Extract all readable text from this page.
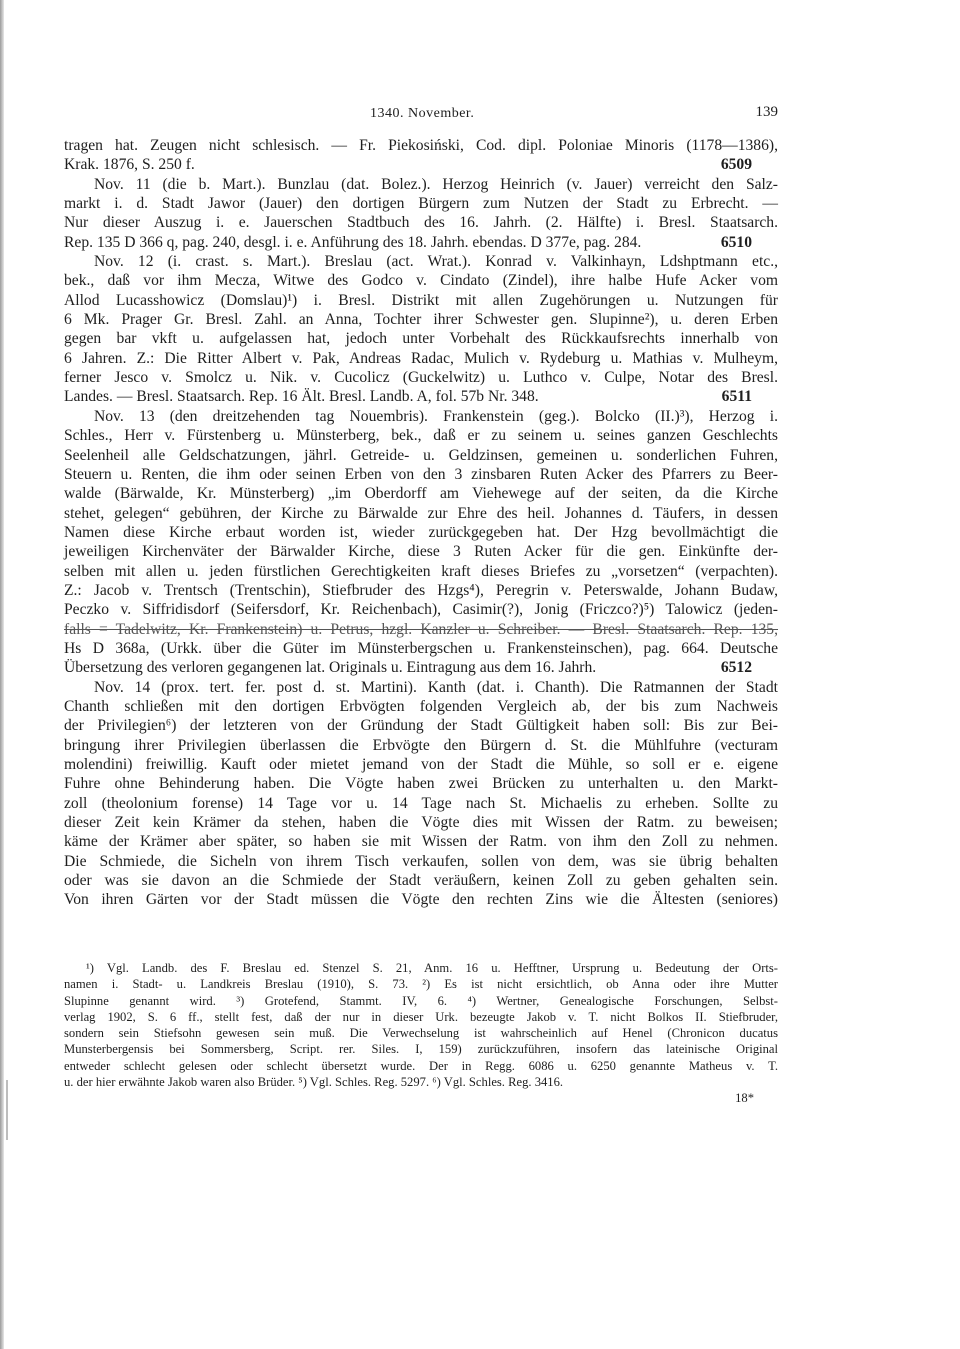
1340. November.	139
tragen hat. Zeugen nicht schlesisch. — Fr. Piekosiński, Cod. dipl. Poloniae Minoris (1178—1386),
6509
Krak. 1876, S. 250 f.
Nov. 11 (die b. Mart.). Bunzlau (dat. Bolez.). Herzog Heinrich (v. Jauer) verreicht den Salz-
markt i. d. Stadt Jawor (Jauer) den dortigen Bürgern zum Nutzen der Stadt zu Erbrecht. —
Nur dieser Auszug i. e. Jauerschen Stadtbuch des 16. Jahrh. (2. Hälfte) i. Bresl. Staatsarch.
6510
Rep. 135 D 366 q, pag. 240, desgl. i. e. Anführung des 18. Jahrh. ebendas. D 377e, pag. 284.
Nov. 12 (i. crast. s. Mart.). Breslau (act. Wrat.). Konrad v. Valkinhayn, Ldshptmann etc.,
bek., daß vor ihm Mecza, Witwe des Godco v. Cindato (Zindel), ihre halbe Hufe Acker vom
Allod Lucasshowicz (Domslau)¹) i. Bresl. Distrikt mit allen Zugehörungen u. Nutzungen für
6 Mk. Prager Gr. Bresl. Zahl. an Anna, Tochter ihrer Schwester gen. Slupinne²), u. deren Erben
gegen bar vkft u. aufgelassen hat, jedoch unter Vorbehalt des Rückkaufsrechts innerhalb von
6 Jahren. Z.: Die Ritter Albert v. Pak, Andreas Radac, Mulich v. Rydeburg u. Mathias v. Mulheym,
ferner Jesco v. Smolcz u. Nik. v. Cucolicz (Guckelwitz) u. Luthco v. Culpe, Notar des Bresl.
6511
Landes. — Bresl. Staatsarch. Rep. 16 Ält. Bresl. Landb. A, fol. 57b Nr. 348.
Nov. 13 (den dreitzehenden tag Nouembris). Frankenstein (geg.). Bolcko (II.)³), Herzog i.
Schles., Herr v. Fürstenberg u. Münsterberg, bek., daß er zu seinem u. seines ganzen Geschlechts
Seelenheil alle Geldschatzungen, jährl. Getreide- u. Geldzinsen, gemeinen u. sonderlichen Fuhren,
Steuern u. Renten, die ihm oder seinen Erben von den 3 zinsbaren Ruten Acker des Pfarrers zu Beer-
walde (Bärwalde, Kr. Münsterberg) „im Oberdorff am Viehewege auf der seiten, da die Kirche
stehet, gelegen“ gebühren, der Kirche zu Bärwalde zur Ehre des heil. Johannes d. Täufers, in dessen
Namen diese Kirche erbaut worden ist, wieder zurückgegeben hat. Der Hzg bevollmächtigt die
jeweiligen Kirchenväter der Bärwalder Kirche, diese 3 Ruten Acker für die gen. Einkünfte der-
selben mit allen u. jeden fürstlichen Gerechtigkeiten kraft dieses Briefes zu „vorsetzen“ (verpachten).
Z.: Jacob v. Trentsch (Trentschin), Stiefbruder des Hzgs⁴), Peregrin v. Peterswalde, Johann Budaw,
Peczko v. Siffridisdorf (Seifersdorf, Kr. Reichenbach), Casimir(?), Jonig (Friczco?)⁵) Talowicz (jeden-
falls = Tadelwitz, Kr. Frankenstein) u. Petrus, hzgl. Kanzler u. Schreiber. — Bresl. Staatsarch. Rep. 135,
Hs D 368a, (Urkk. über die Güter im Münsterbergschen u. Frankensteinschen), pag. 664. Deutsche
6512
Übersetzung des verloren gegangenen lat. Originals u. Eintragung aus dem 16. Jahrh.
Nov. 14 (prox. tert. fer. post d. st. Martini). Kanth (dat. i. Chanth). Die Ratmannen der Stadt
Chanth schließen mit den dortigen Erbvögten folgenden Vergleich ab, der bis zum Nachweis
der Privilegien⁶) der letzteren von der Gründung der Stadt Gültigkeit haben soll: Bis zur Bei-
bringung ihrer Privilegien überlassen die Erbvögte den Bürgern d. St. die Mühlfuhre (vecturam
molendini) freiwillig. Kauft oder mietet jemand von der Stadt die Mühle, so soll er e. eigene
Fuhre ohne Behinderung haben. Die Vögte haben zwei Brücken zu unterhalten u. den Markt-
zoll (theolonium forense) 14 Tage vor u. 14 Tage nach St. Michaelis zu erheben. Sollte zu
dieser Zeit kein Krämer da stehen, haben die Vögte dies mit Wissen der Ratm. zu beweisen;
käme der Krämer aber später, so haben sie mit Wissen der Ratm. von ihm den Zoll zu nehmen.
Die Schmiede, die Sicheln von ihrem Tisch verkaufen, sollen von dem, was sie übrig behalten
oder was sie davon an die Schmiede der Stadt veräußern, keinen Zoll zu geben gehalten sein.
Von ihren Gärten vor der Stadt müssen die Vögte den rechten Zins wie die Ältesten (seniores)
¹) Vgl. Landb. des F. Breslau ed. Stenzel S. 21, Anm. 16 u. Hefftner, Ursprung u. Bedeutung der Orts-
namen i. Stadt- u. Landkreis Breslau (1910), S. 73. ²) Es ist nicht ersichtlich, ob Anna oder ihre Mutter
Slupinne genannt wird. ³) Grotefend, Stammt. IV, 6. ⁴) Wertner, Genealogische Forschungen, Selbst-
verlag 1902, S. 6 ff., stellt fest, daß der nur in dieser Urk. bezeugte Jakob v. T. nicht Bolkos II. Stiefbruder,
sondern sein Stiefsohn gewesen sein muß. Die Verwechselung ist wahrscheinlich auf Henel (Chronicon ducatus
Munsterbergensis bei Sommersberg, Script. rer. Siles. I, 159) zurückzuführen, insofern das lateinische Original
entweder schlecht gelesen oder schlecht übersetzt wurde. Der in Regg. 6086 u. 6250 genannte Matheus v. T.
u. der hier erwähnte Jakob waren also Brüder. ⁵) Vgl. Schles. Reg. 5297. ⁶) Vgl. Schles. Reg. 3416.
18*
